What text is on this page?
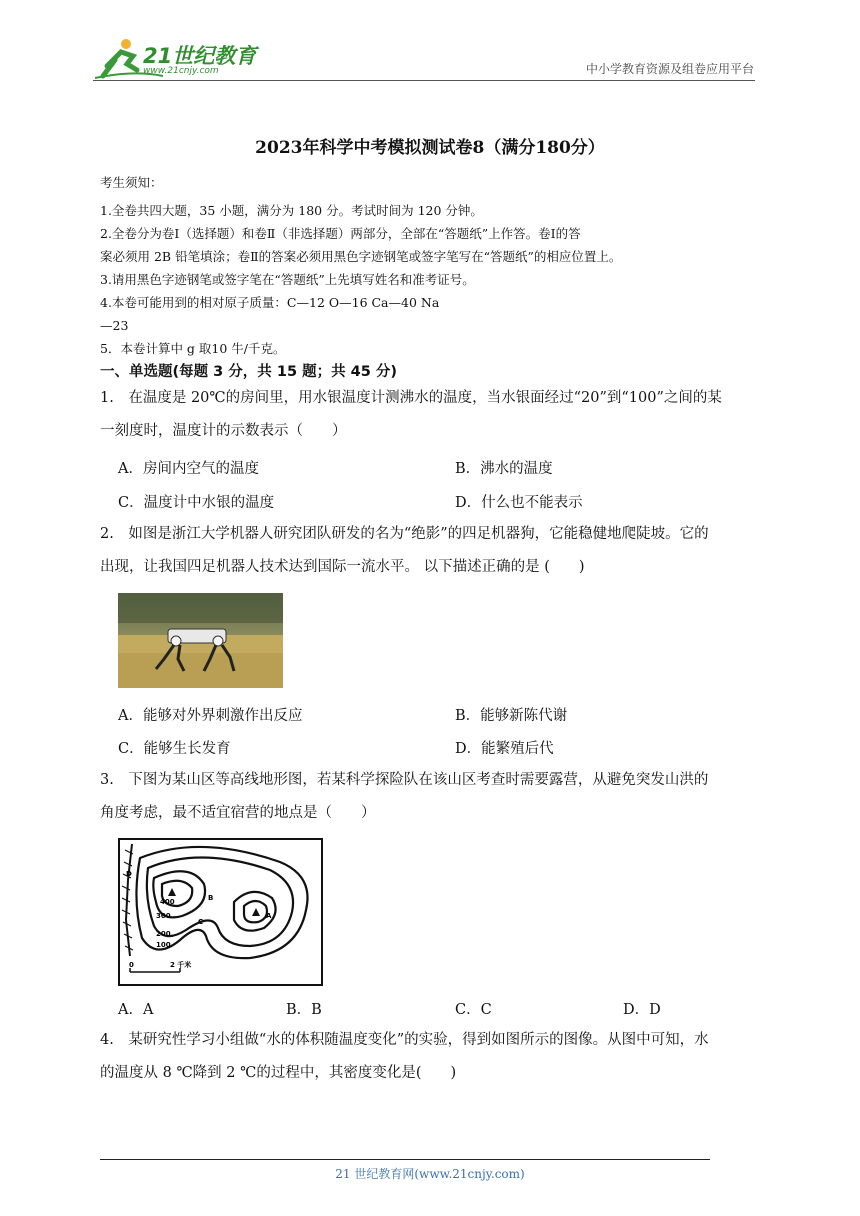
21世纪教育
www.21cnjy.com	中小学教育资源及组卷应用平台
2023年科学中考模拟测试卷8（满分180分）
考生须知：
1.全卷共四大题，35 小题，满分为 180 分。考试时间为 120 分钟。
2.全卷分为卷Ⅰ（选择题）和卷Ⅱ（非选择题）两部分，全部在“答题纸”上作答。卷Ⅰ的答
案必须用 2B 铅笔填涂；卷Ⅱ的答案必须用黑色字迹钢笔或签字笔写在“答题纸”的相应位置上。
3.请用黑色字迹钢笔或签字笔在“答题纸”上先填写姓名和准考证号。
4.本卷可能用到的相对原子质量：C—12 O—16 Ca—40 Na
—23
5．本卷计算中 g 取10 牛/千克。
一、单选题(每题 3 分，共 15 题；共 45 分)
1.　在温度是 20℃的房间里，用水银温度计测沸水的温度，当水银面经过“20”到“100”之间的某
一刻度时，温度计的示数表示（　　）
A．房间内空气的温度	B．沸水的温度
C．温度计中水银的温度	D．什么也不能表示
2.　如图是浙江大学机器人研究团队研发的名为“绝影”的四足机器狗，它能稳健地爬陡坡。它的
出现，让我国四足机器人技术达到国际一流水平。 以下描述正确的是 (　　)
A．能够对外界刺激作出反应	B．能够新陈代谢
C．能够生长发育	D．能繁殖后代
3.　下图为某山区等高线地形图，若某科学探险队在该山区考查时需要露营，从避免突发山洪的
角度考虑，最不适宜宿营的地点是（　　）
D
B
A
C
400
300
200
100
0	2 千米
A．A	B．B	C．C	D．D
4.　某研究性学习小组做“水的体积随温度变化”的实验，得到如图所示的图像。从图中可知，水
的温度从 8 ℃降到 2 ℃的过程中，其密度变化是(　　)
21 世纪教育网(www.21cnjy.com)
